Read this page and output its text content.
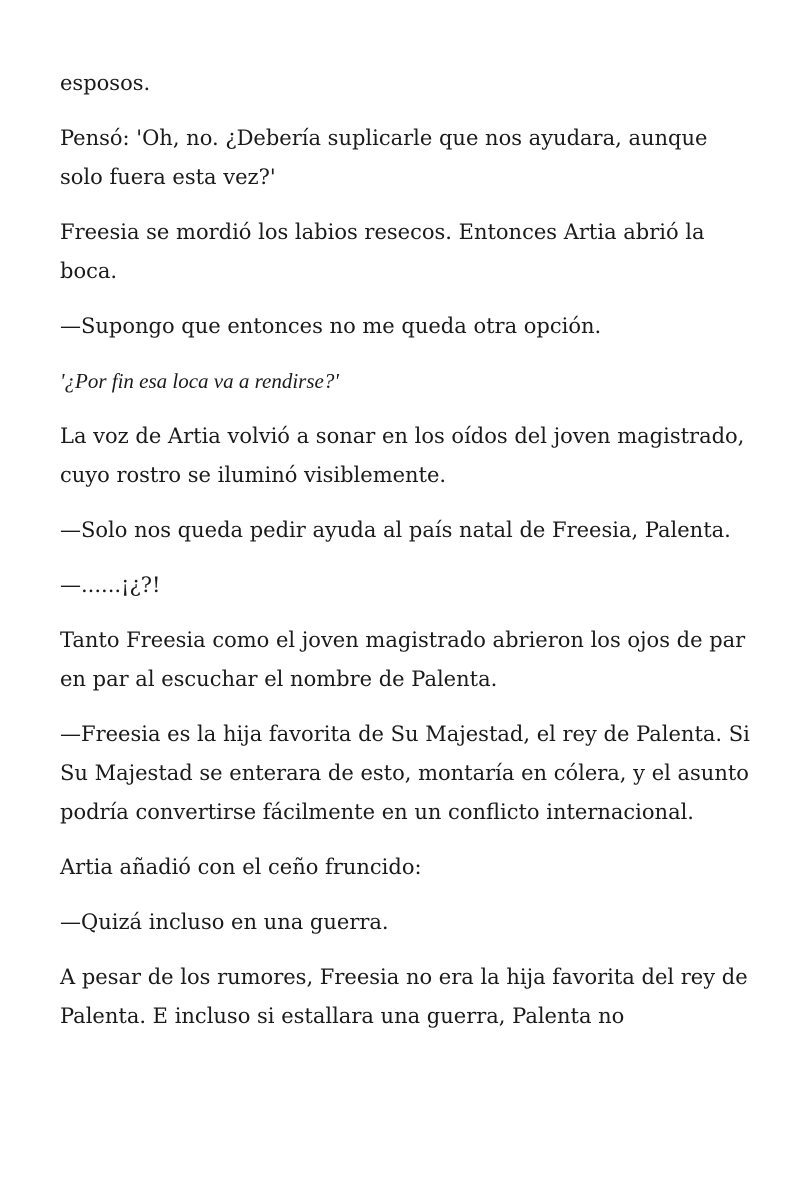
esposos.

Pensó: 'Oh, no. ¿Debería suplicarle que nos ayudara, aunque solo fuera esta vez?'

Freesia se mordió los labios resecos. Entonces Artia abrió la boca.

—Supongo que entonces no me queda otra opción.

'¿Por fin esa loca va a rendirse?'

La voz de Artia volvió a sonar en los oídos del joven magistrado, cuyo rostro se iluminó visiblemente.

—Solo nos queda pedir ayuda al país natal de Freesia, Palenta.

—......¡¿?!

Tanto Freesia como el joven magistrado abrieron los ojos de par en par al escuchar el nombre de Palenta.

—Freesia es la hija favorita de Su Majestad, el rey de Palenta. Si Su Majestad se enterara de esto, montaría en cólera, y el asunto podría convertirse fácilmente en un conflicto internacional.

Artia añadió con el ceño fruncido:

—Quizá incluso en una guerra.

A pesar de los rumores, Freesia no era la hija favorita del rey de Palenta. E incluso si estallara una guerra, Palenta no
